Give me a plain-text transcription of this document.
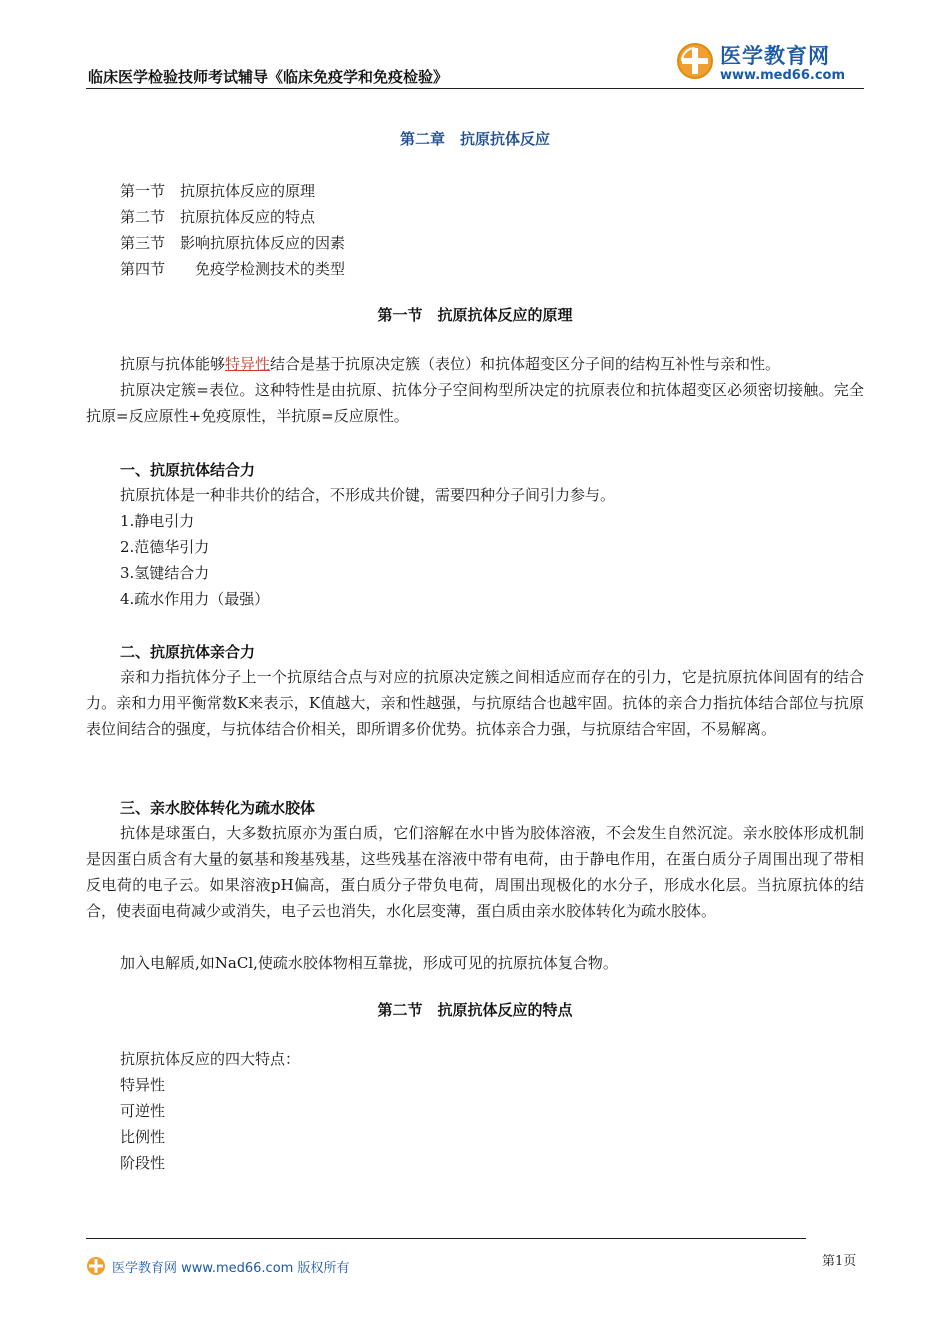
临床医学检验技师考试辅导《临床免疫学和免疫检验》
医学教育网
www.med66.com
第二章　抗原抗体反应
第一节　抗原抗体反应的原理
第二节　抗原抗体反应的特点
第三节　影响抗原抗体反应的因素
第四节　　免疫学检测技术的类型
第一节　抗原抗体反应的原理
抗原与抗体能够特异性结合是基于抗原决定簇（表位）和抗体超变区分子间的结构互补性与亲和性。
抗原决定簇=表位。这种特性是由抗原、抗体分子空间构型所决定的抗原表位和抗体超变区必须密切接触。完全抗原=反应原性+免疫原性，半抗原=反应原性。
一、抗原抗体结合力
抗原抗体是一种非共价的结合，不形成共价键，需要四种分子间引力参与。
1.静电引力
2.范德华引力
3.氢键结合力
4.疏水作用力（最强）
二、抗原抗体亲合力
亲和力指抗体分子上一个抗原结合点与对应的抗原决定簇之间相适应而存在的引力，它是抗原抗体间固有的结合力。亲和力用平衡常数K来表示，K值越大，亲和性越强，与抗原结合也越牢固。抗体的亲合力指抗体结合部位与抗原表位间结合的强度，与抗体结合价相关，即所谓多价优势。抗体亲合力强，与抗原结合牢固，不易解离。
三、亲水胶体转化为疏水胶体
抗体是球蛋白，大多数抗原亦为蛋白质，它们溶解在水中皆为胶体溶液，不会发生自然沉淀。亲水胶体形成机制是因蛋白质含有大量的氨基和羧基残基，这些残基在溶液中带有电荷，由于静电作用，在蛋白质分子周围出现了带相反电荷的电子云。如果溶液pH偏高，蛋白质分子带负电荷，周围出现极化的水分子，形成水化层。当抗原抗体的结合，使表面电荷减少或消失，电子云也消失，水化层变薄，蛋白质由亲水胶体转化为疏水胶体。
加入电解质,如NaCl,使疏水胶体物相互靠拢，形成可见的抗原抗体复合物。
第二节　抗原抗体反应的特点
抗原抗体反应的四大特点：
特异性
可逆性
比例性
阶段性
医学教育网 www.med66.com 版权所有	第1页
